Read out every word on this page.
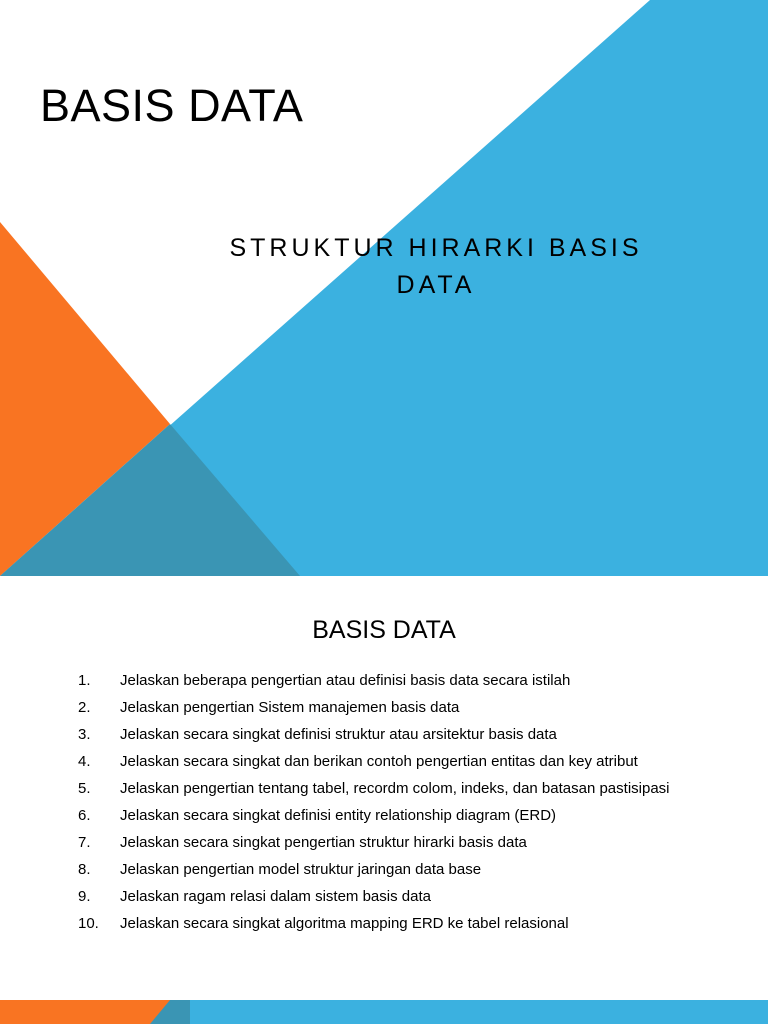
BASIS DATA
STRUKTUR HIRARKI BASIS DATA
BASIS DATA
1.	Jelaskan beberapa pengertian atau definisi basis data secara istilah
2.	Jelaskan pengertian Sistem manajemen basis data
3.	Jelaskan secara singkat definisi struktur atau arsitektur basis data
4.	Jelaskan secara singkat dan berikan contoh pengertian entitas dan key atribut
5.	Jelaskan pengertian tentang tabel, recordm colom, indeks, dan batasan pastisipasi
6.	Jelaskan secara singkat definisi entity relationship diagram (ERD)
7.	Jelaskan secara singkat pengertian struktur hirarki basis data
8.	Jelaskan pengertian model struktur jaringan data base
9.	Jelaskan ragam relasi dalam sistem basis data
10.	Jelaskan secara singkat algoritma mapping ERD ke tabel relasional
